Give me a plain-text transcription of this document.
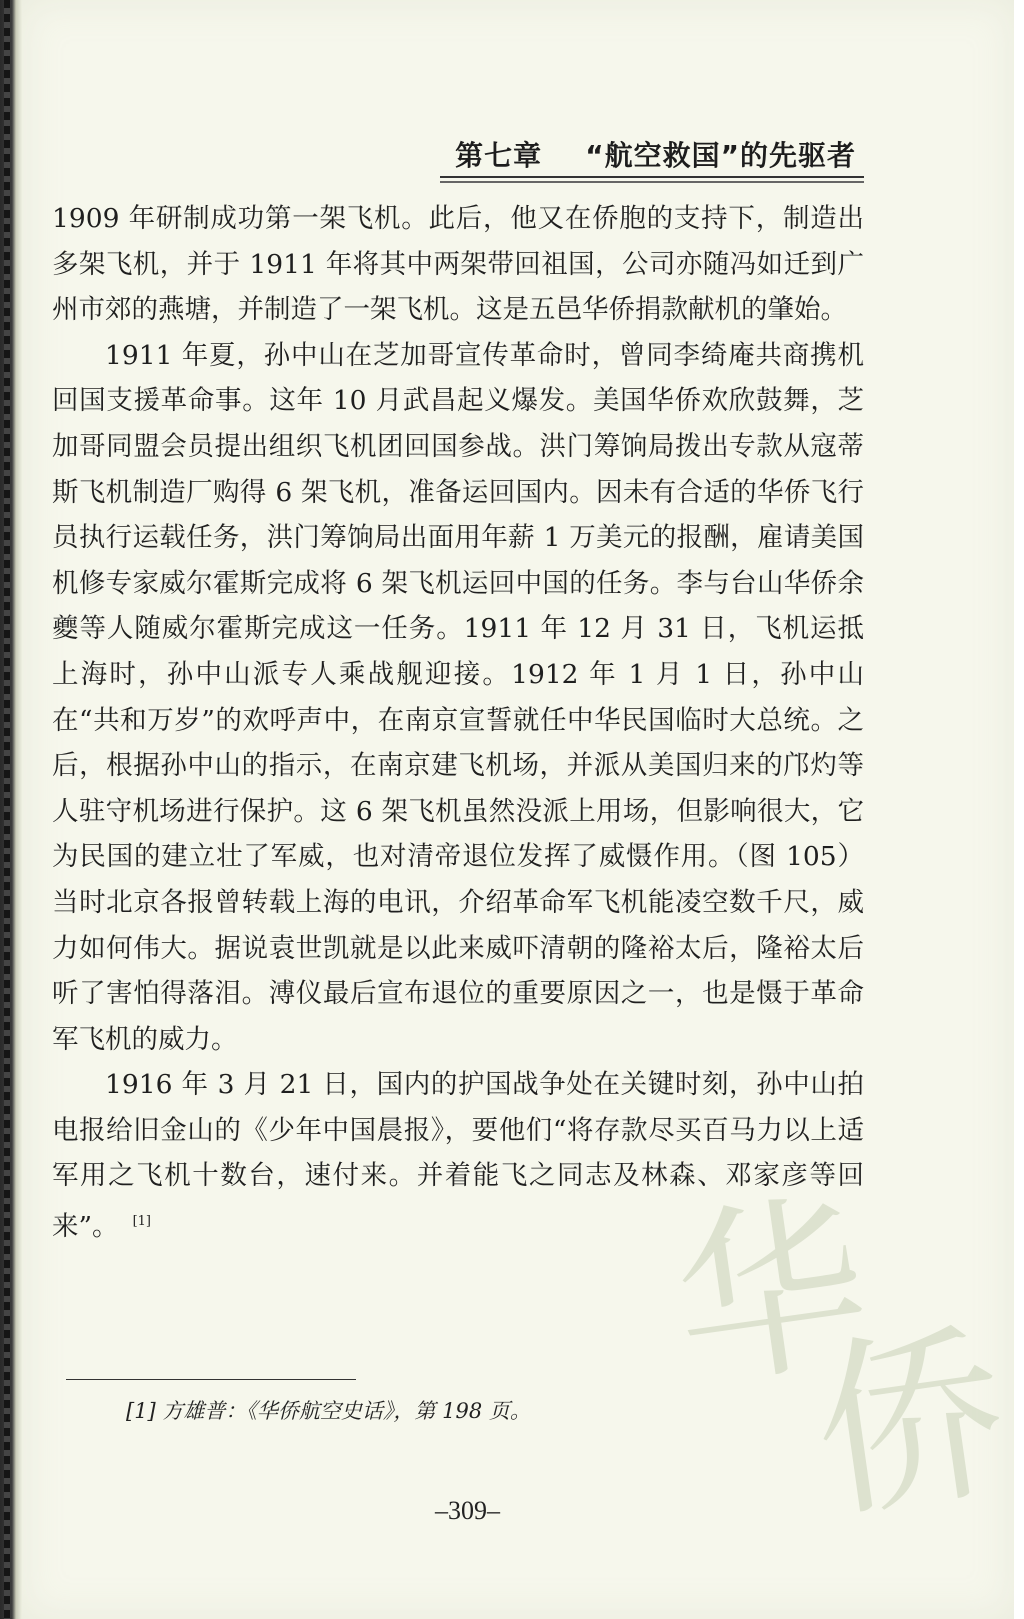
华
侨
第七章 “航空救国”的先驱者

1909 年研制成功第一架飞机。此后，他又在侨胞的支持下，制造出多架飞机，并于 1911 年将其中两架带回祖国，公司亦随冯如迁到广州市郊的燕塘，并制造了一架飞机。这是五邑华侨捐款献机的肇始。

1911 年夏，孙中山在芝加哥宣传革命时，曾同李绮庵共商携机回国支援革命事。这年 10 月武昌起义爆发。美国华侨欢欣鼓舞，芝加哥同盟会员提出组织飞机团回国参战。洪门筹饷局拨出专款从寇蒂斯飞机制造厂购得 6 架飞机，准备运回国内。因未有合适的华侨飞行员执行运载任务，洪门筹饷局出面用年薪 1 万美元的报酬，雇请美国机修专家威尔霍斯完成将 6 架飞机运回中国的任务。李与台山华侨余夔等人随威尔霍斯完成这一任务。1911 年 12 月 31 日，飞机运抵上海时，孙中山派专人乘战舰迎接。1912 年 1 月 1 日，孙中山在“共和万岁”的欢呼声中，在南京宣誓就任中华民国临时大总统。之后，根据孙中山的指示，在南京建飞机场，并派从美国归来的邝灼等人驻守机场进行保护。这 6 架飞机虽然没派上用场，但影响很大，它为民国的建立壮了军威，也对清帝退位发挥了威慑作用。（图 105）当时北京各报曾转载上海的电讯，介绍革命军飞机能凌空数千尺，威力如何伟大。据说袁世凯就是以此来威吓清朝的隆裕太后，隆裕太后听了害怕得落泪。溥仪最后宣布退位的重要原因之一，也是慑于革命军飞机的威力。

1916 年 3 月 21 日，国内的护国战争处在关键时刻，孙中山拍电报给旧金山的《少年中国晨报》，要他们“将存款尽买百马力以上适军用之飞机十数台，速付来。并着能飞之同志及林森、邓家彦等回来”。 [1]

[1] 方雄普：《华侨航空史话》，第 198 页。
–309–
